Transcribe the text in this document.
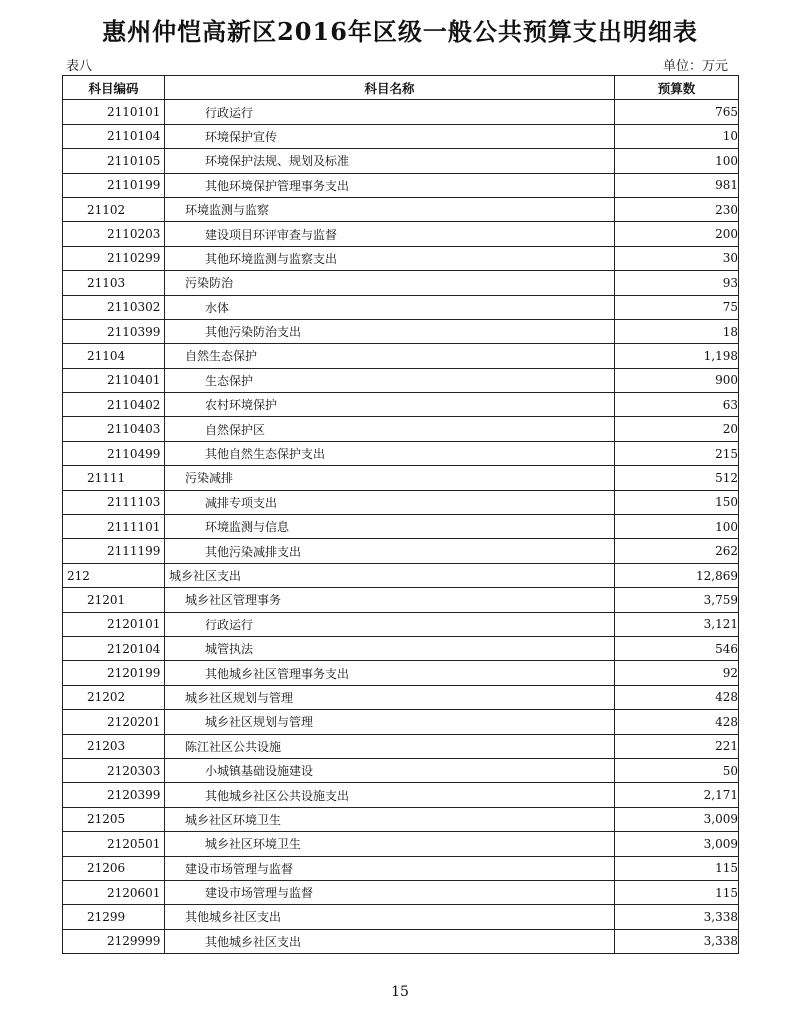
惠州仲恺高新区2016年区级一般公共预算支出明细表
表八	单位：万元
科目编码	科目名称	预算数
2110101	行政运行	765
2110104	环境保护宣传	10
2110105	环境保护法规、规划及标准	100
2110199	其他环境保护管理事务支出	981
21102	环境监测与监察	230
2110203	建设项目环评审查与监督	200
2110299	其他环境监测与监察支出	30
21103	污染防治	93
2110302	水体	75
2110399	其他污染防治支出	18
21104	自然生态保护	1,198
2110401	生态保护	900
2110402	农村环境保护	63
2110403	自然保护区	20
2110499	其他自然生态保护支出	215
21111	污染减排	512
2111103	减排专项支出	150
2111101	环境监测与信息	100
2111199	其他污染减排支出	262
212	城乡社区支出	12,869
21201	城乡社区管理事务	3,759
2120101	行政运行	3,121
2120104	城管执法	546
2120199	其他城乡社区管理事务支出	92
21202	城乡社区规划与管理	428
2120201	城乡社区规划与管理	428
21203	陈江社区公共设施	221
2120303	小城镇基础设施建设	50
2120399	其他城乡社区公共设施支出	2,171
21205	城乡社区环境卫生	3,009
2120501	城乡社区环境卫生	3,009
21206	建设市场管理与监督	115
2120601	建设市场管理与监督	115
21299	其他城乡社区支出	3,338
2129999	其他城乡社区支出	3,338
15
